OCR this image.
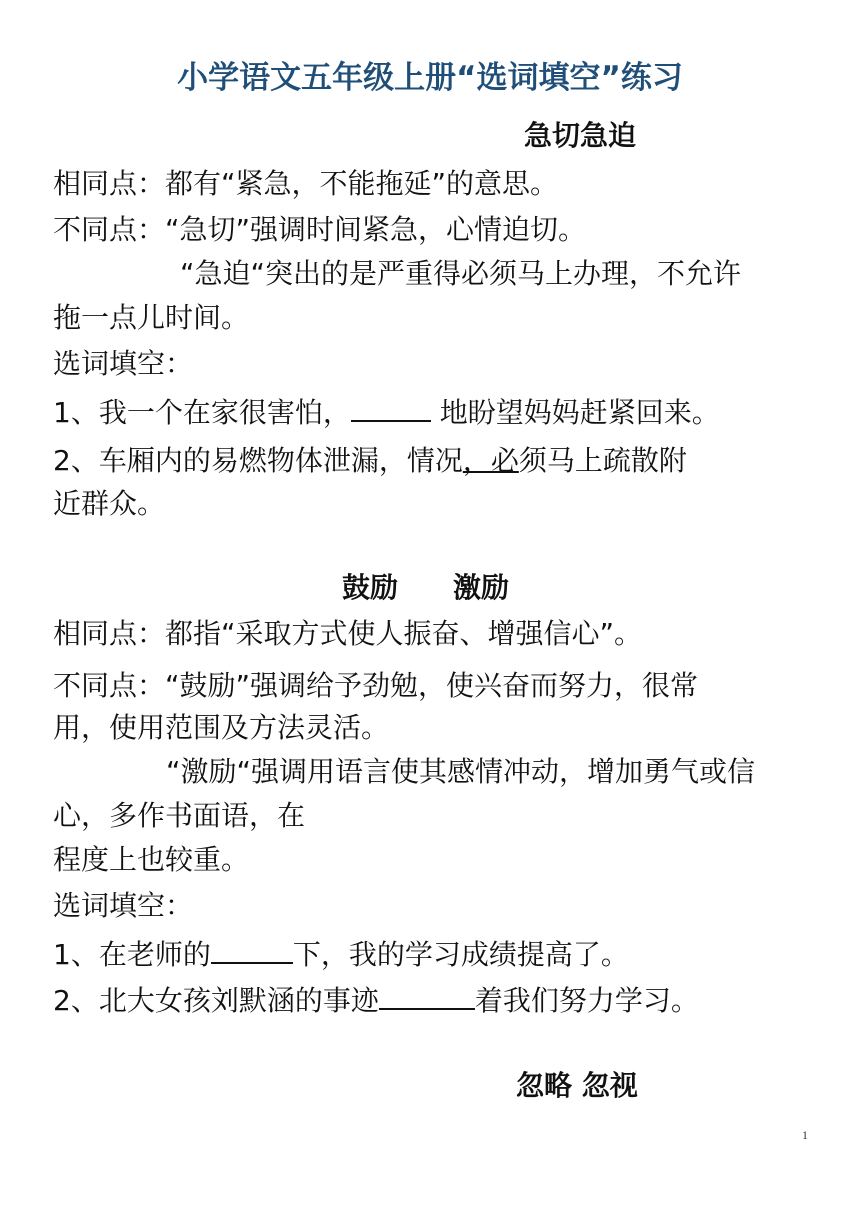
小学语文五年级上册“选词填空”练习
急切急迫
相同点：都有“紧急，不能拖延”的意思。
不同点：“急切”强调时间紧急，心情迫切。
“急迫“突出的是严重得必须马上办理，不允许
拖一点儿时间。
选词填空：
1、我一个在家很害怕，	地盼望妈妈赶紧回来。
2、车厢内的易燃物体泄漏，情况，必须马上疏散附
近群众。
鼓励 激励
相同点：都指“采取方式使人振奋、增强信心”。
不同点：“鼓励”强调给予劲勉，使兴奋而努力，很常
用，使用范围及方法灵活。
“激励“强调用语言使其感情冲动，增加勇气或信
心，多作书面语，在
程度上也较重。
选词填空：
1、在老师的	下，我的学习成绩提高了。
2、北大女孩刘默涵的事迹	着我们努力学习。
忽略 忽视
1
